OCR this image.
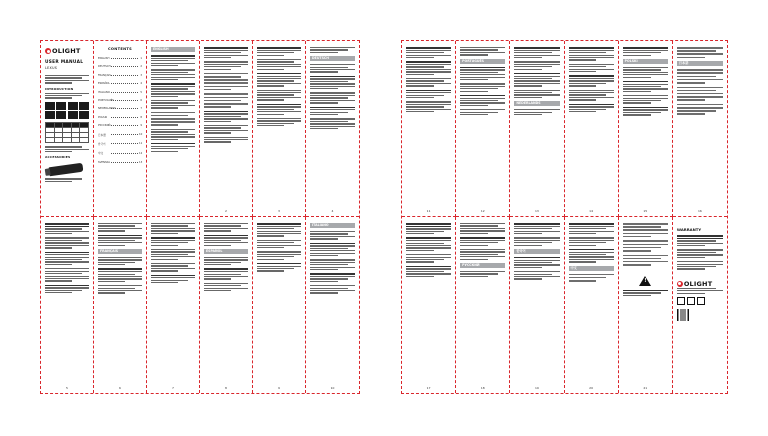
OLIGHT
USER MANUAL
LEXUS
INTRODUCTION

ACCESSORIES
CONTENTS
ENGLISH	1
DEUTSCH	2
FRANÇAIS	3
ESPAÑOL	4
ITALIANO	5
PORTUGUÊS	6
NEDERLANDS	7
POLSKI	8
РУССКИЙ	9
日本語	10
한국어	11
中文	12
SVENSKA	13
ENGLISH
2	3
DEUTSCH
4
5
FRANÇAIS
6	7
ESPAÑOL
8	9
ITALIANO
10
11
PORTUGUÊS
12
NEDERLANDS
13	14
POLSKI
15
日本語
16
17
РУССКИЙ
18
한국어
19
中文
20
!	21
WARRANTY
OLIGHT
